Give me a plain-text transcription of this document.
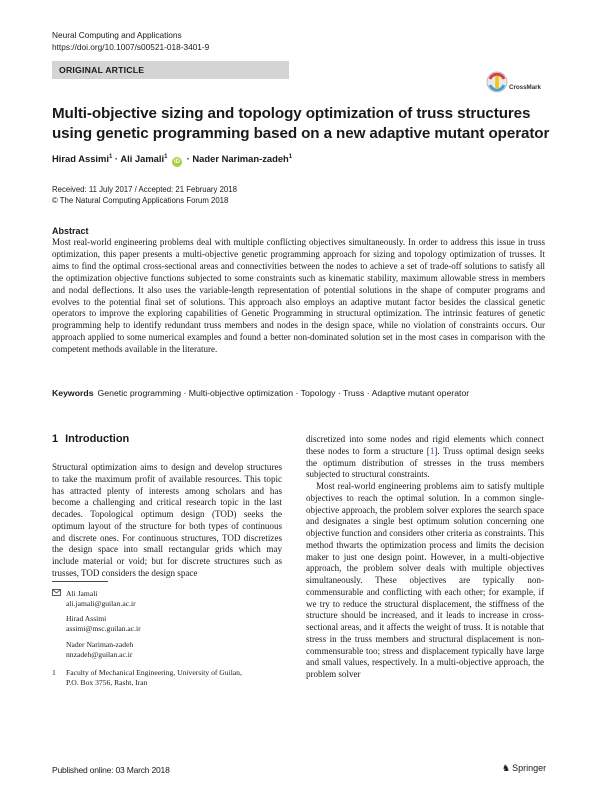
Neural Computing and Applications
https://doi.org/10.1007/s00521-018-3401-9
ORIGINAL ARTICLE
CrossMark
Multi-objective sizing and topology optimization of truss structures
using genetic programming based on a new adaptive mutant operator
Hirad Assimi$^1$ · Ali Jamali$^1$ iD · Nader Nariman-zadeh$^1$
Received: 11 July 2017 / Accepted: 21 February 2018
© The Natural Computing Applications Forum 2018
Abstract
Most real-world engineering problems deal with multiple conflicting objectives simultaneously. In order to address this issue in truss optimization, this paper presents a multi-objective genetic programming approach for sizing and topology optimization of trusses. It aims to find the optimal cross-sectional areas and connectivities between the nodes to achieve a set of trade-off solutions to satisfy all the optimization objective functions subjected to some constraints such as kinematic stability, maximum allowable stress in members and nodal deflections. It also uses the variable-length representation of potential solutions in the shape of computer programs and evolves to the potential final set of solutions. This approach also employs an adaptive mutant factor besides the classical genetic operators to improve the exploring capabilities of Genetic Programming in structural optimization. The intrinsic features of genetic programming help to identify redundant truss members and nodes in the design space, while no violation of constraints occurs. Our approach applied to some numerical examples and found a better non-dominated solution set in the most cases in comparison with the competent methods available in the literature.
Keywords Genetic programming · Multi-objective optimization · Topology · Truss · Adaptive mutant operator
1 Introduction

Structural optimization aims to design and develop structures to take the maximum profit of available resources. This topic has attracted plenty of interests among scholars and has become a challenging and critical research topic in the last decades. Topological optimum design (TOD) seeks the optimum layout of the structure for both types of continuous and discrete ones. For continuous structures, TOD discretizes the design space into small rectangular grids which may include material or void; but for discrete structures such as trusses, TOD considers the design space

discretized into some nodes and rigid elements which connect these nodes to form a structure [1]. Truss optimal design seeks the optimum distribution of stresses in the truss members subjected to structural constraints.

Most real-world engineering problems aim to satisfy multiple objectives to reach the optimal solution. In a common single-objective approach, the problem solver explores the search space and designates a single best optimum solution concerning one objective function and considers other criteria as constraints. This method thwarts the optimization process and limits the decision maker to just one design point. However, in a multi-objective approach, the problem solver deals with multiple objectives simultaneously. These objectives are typically non-commensurable and conflicting with each other; for example, if we try to reduce the structural displacement, the stiffness of the structure should be increased, and it leads to increase in cross-sectional areas, and it affects the weight of truss. It is notable that stress in the truss members and structural displacement is non-commensurable too; stress and displacement typically have large and small values, respectively. In a multi-objective approach, the problem solver

Ali Jamali
ali.jamali@guilan.ac.ir
Hirad Assimi
assimi@msc.guilan.ac.ir
Nader Nariman-zadeh
nnzadeh@guilan.ac.ir
1 Faculty of Mechanical Engineering, University of Guilan,
P.O. Box 3756, Rasht, Iran
Published online: 03 March 2018	♞ Springer
